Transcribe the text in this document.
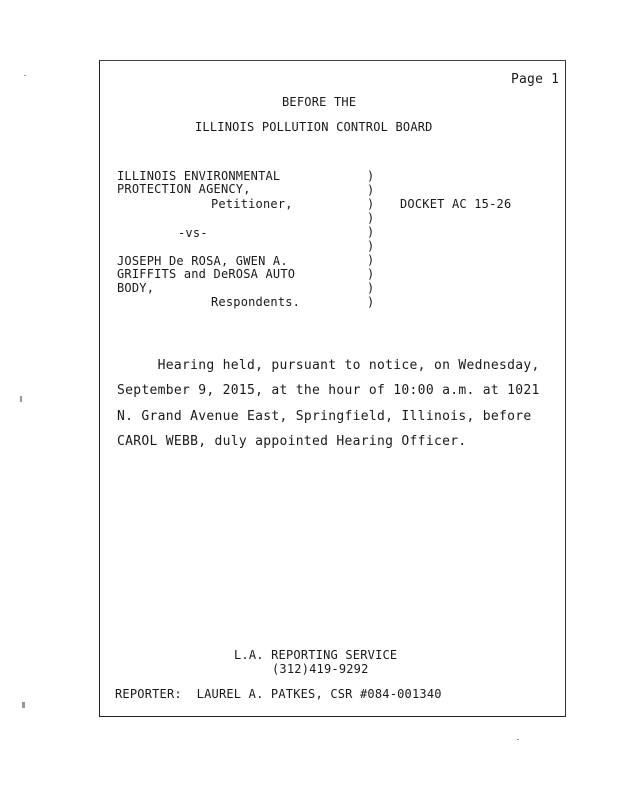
Page 1
BEFORE THE
ILLINOIS POLLUTION CONTROL BOARD
ILLINOIS ENVIRONMENTAL
PROTECTION AGENCY,
Petitioner,
-vs-
JOSEPH De ROSA, GWEN A.
GRIFFITS and DeROSA AUTO
BODY,
Respondents.
)
)
)
)
)
)
)
)
)
)
DOCKET AC 15-26
Hearing held, pursuant to notice, on Wednesday,
September 9, 2015, at the hour of 10:00 a.m. at 1021
N. Grand Avenue East, Springfield, Illinois, before
CAROL WEBB, duly appointed Hearing Officer.
L.A. REPORTING SERVICE
(312)419-9292
REPORTER:  LAUREL A. PATKES, CSR #084-001340
